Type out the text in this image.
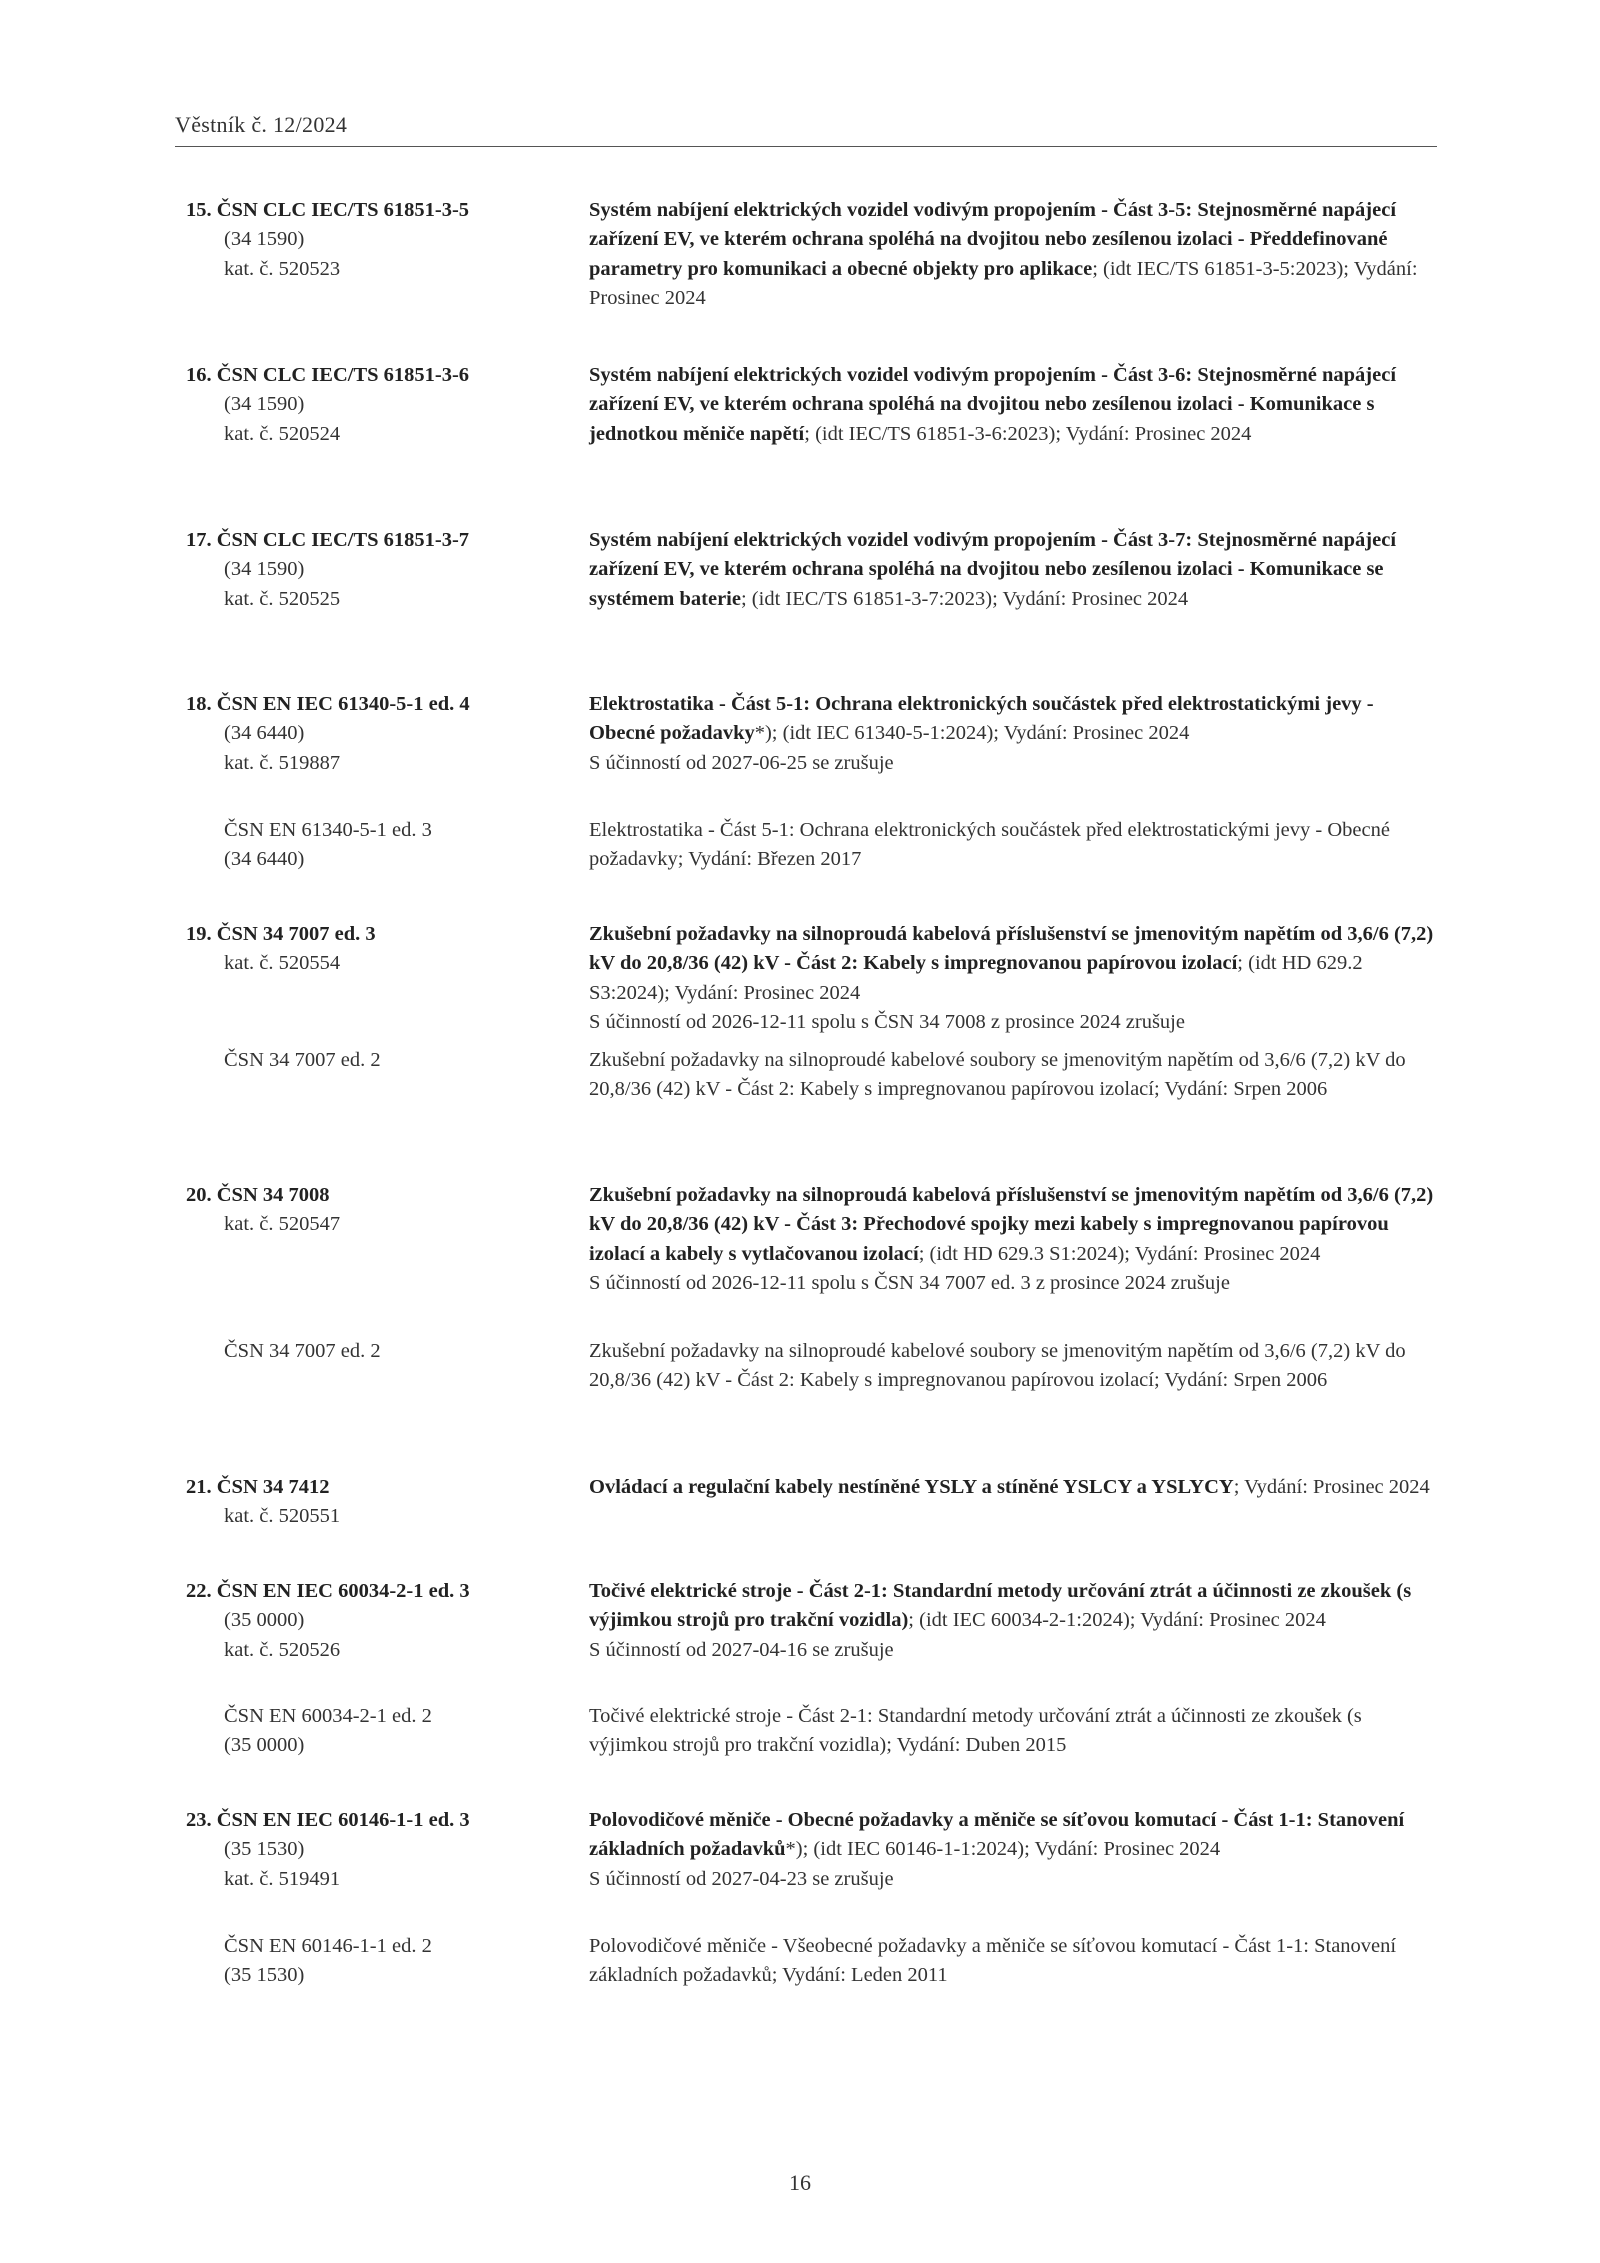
Věstník č. 12/2024
15. ČSN CLC IEC/TS 61851-3-5
(34 1590)
kat. č. 520523
Systém nabíjení elektrických vozidel vodivým propojením - Část 3-5: Stejnosměrné napájecí zařízení EV, ve kterém ochrana spoléhá na dvojitou nebo zesílenou izolaci - Předdefinované parametry pro komunikaci a obecné objekty pro aplikace; (idt IEC/TS 61851-3-5:2023); Vydání: Prosinec 2024
16. ČSN CLC IEC/TS 61851-3-6
(34 1590)
kat. č. 520524
Systém nabíjení elektrických vozidel vodivým propojením - Část 3-6: Stejnosměrné napájecí zařízení EV, ve kterém ochrana spoléhá na dvojitou nebo zesílenou izolaci - Komunikace s jednotkou měniče napětí; (idt IEC/TS 61851-3-6:2023); Vydání: Prosinec 2024
17. ČSN CLC IEC/TS 61851-3-7
(34 1590)
kat. č. 520525
Systém nabíjení elektrických vozidel vodivým propojením - Část 3-7: Stejnosměrné napájecí zařízení EV, ve kterém ochrana spoléhá na dvojitou nebo zesílenou izolaci - Komunikace se systémem baterie; (idt IEC/TS 61851-3-7:2023); Vydání: Prosinec 2024
18. ČSN EN IEC 61340-5-1 ed. 4
(34 6440)
kat. č. 519887
Elektrostatika - Část 5-1: Ochrana elektronických součástek před elektrostatickými jevy - Obecné požadavky*); (idt IEC 61340-5-1:2024); Vydání: Prosinec 2024
S účinností od 2027-06-25 se zrušuje
ČSN EN 61340-5-1 ed. 3
(34 6440)
Elektrostatika - Část 5-1: Ochrana elektronických součástek před elektrostatickými jevy - Obecné požadavky; Vydání: Březen 2017
19. ČSN 34 7007 ed. 3
kat. č. 520554
Zkušební požadavky na silnoproudá kabelová příslušenství se jmenovitým napětím od 3,6/6 (7,2) kV do 20,8/36 (42) kV - Část 2: Kabely s impregnovanou papírovou izolací; (idt HD 629.2 S3:2024); Vydání: Prosinec 2024
S účinností od 2026-12-11 spolu s ČSN 34 7008 z prosince 2024 zrušuje
ČSN 34 7007 ed. 2	Zkušební požadavky na silnoproudé kabelové soubory se jmenovitým napětím od 3,6/6 (7,2) kV do 20,8/36 (42) kV - Část 2: Kabely s impregnovanou papírovou izolací; Vydání: Srpen 2006
20. ČSN 34 7008
kat. č. 520547
Zkušební požadavky na silnoproudá kabelová příslušenství se jmenovitým napětím od 3,6/6 (7,2) kV do 20,8/36 (42) kV - Část 3: Přechodové spojky mezi kabely s impregnovanou papírovou izolací a kabely s vytlačovanou izolací; (idt HD 629.3 S1:2024); Vydání: Prosinec 2024
S účinností od 2026-12-11 spolu s ČSN 34 7007 ed. 3 z prosince 2024 zrušuje
ČSN 34 7007 ed. 2	Zkušební požadavky na silnoproudé kabelové soubory se jmenovitým napětím od 3,6/6 (7,2) kV do 20,8/36 (42) kV - Část 2: Kabely s impregnovanou papírovou izolací; Vydání: Srpen 2006
21. ČSN 34 7412
kat. č. 520551
Ovládací a regulační kabely nestíněné YSLY a stíněné YSLCY a YSLYCY; Vydání: Prosinec 2024
22. ČSN EN IEC 60034-2-1 ed. 3
(35 0000)
kat. č. 520526
Točivé elektrické stroje - Část 2-1: Standardní metody určování ztrát a účinnosti ze zkoušek (s výjimkou strojů pro trakční vozidla); (idt IEC 60034-2-1:2024); Vydání: Prosinec 2024
S účinností od 2027-04-16 se zrušuje
ČSN EN 60034-2-1 ed. 2
(35 0000)
Točivé elektrické stroje - Část 2-1: Standardní metody určování ztrát a účinnosti ze zkoušek (s výjimkou strojů pro trakční vozidla); Vydání: Duben 2015
23. ČSN EN IEC 60146-1-1 ed. 3
(35 1530)
kat. č. 519491
Polovodičové měniče - Obecné požadavky a měniče se síťovou komutací - Část 1-1: Stanovení základních požadavků*); (idt IEC 60146-1-1:2024); Vydání: Prosinec 2024
S účinností od 2027-04-23 se zrušuje
ČSN EN 60146-1-1 ed. 2
(35 1530)
Polovodičové měniče - Všeobecné požadavky a měniče se síťovou komutací - Část 1-1: Stanovení základních požadavků; Vydání: Leden 2011
16
